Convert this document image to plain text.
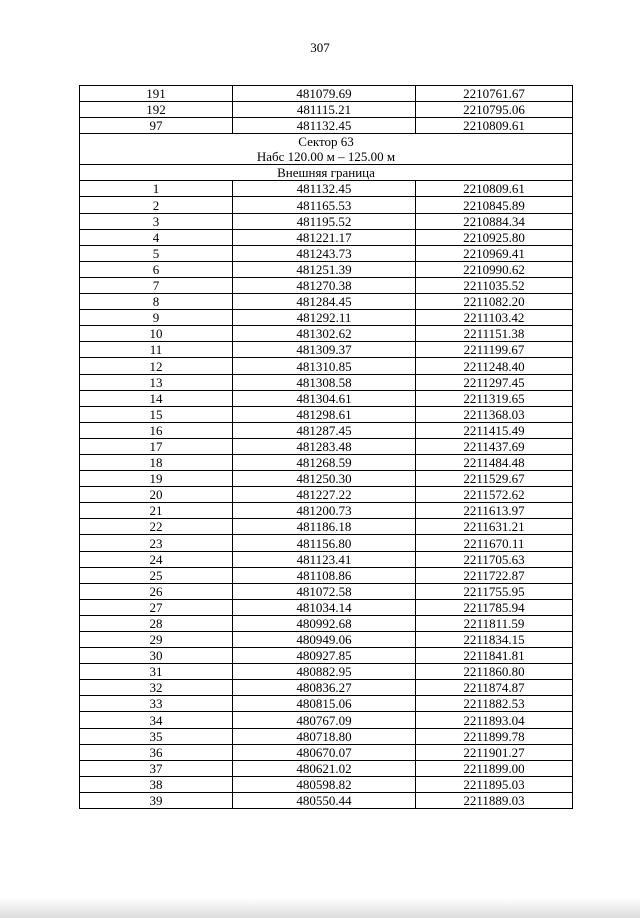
307
191	481079.69	2210761.67
192	481115.21	2210795.06
97	481132.45	2210809.61

Сектор 63
Набс 120.00 м – 125.00 м		

Внешняя граница		
1	481132.45	2210809.61
2	481165.53	2210845.89
3	481195.52	2210884.34
4	481221.17	2210925.80
5	481243.73	2210969.41
6	481251.39	2210990.62
7	481270.38	2211035.52
8	481284.45	2211082.20
9	481292.11	2211103.42
10	481302.62	2211151.38
11	481309.37	2211199.67
12	481310.85	2211248.40
13	481308.58	2211297.45
14	481304.61	2211319.65
15	481298.61	2211368.03
16	481287.45	2211415.49
17	481283.48	2211437.69
18	481268.59	2211484.48
19	481250.30	2211529.67
20	481227.22	2211572.62
21	481200.73	2211613.97
22	481186.18	2211631.21
23	481156.80	2211670.11
24	481123.41	2211705.63
25	481108.86	2211722.87
26	481072.58	2211755.95
27	481034.14	2211785.94
28	480992.68	2211811.59
29	480949.06	2211834.15
30	480927.85	2211841.81
31	480882.95	2211860.80
32	480836.27	2211874.87
33	480815.06	2211882.53
34	480767.09	2211893.04
35	480718.80	2211899.78
36	480670.07	2211901.27
37	480621.02	2211899.00
38	480598.82	2211895.03
39	480550.44	2211889.03
